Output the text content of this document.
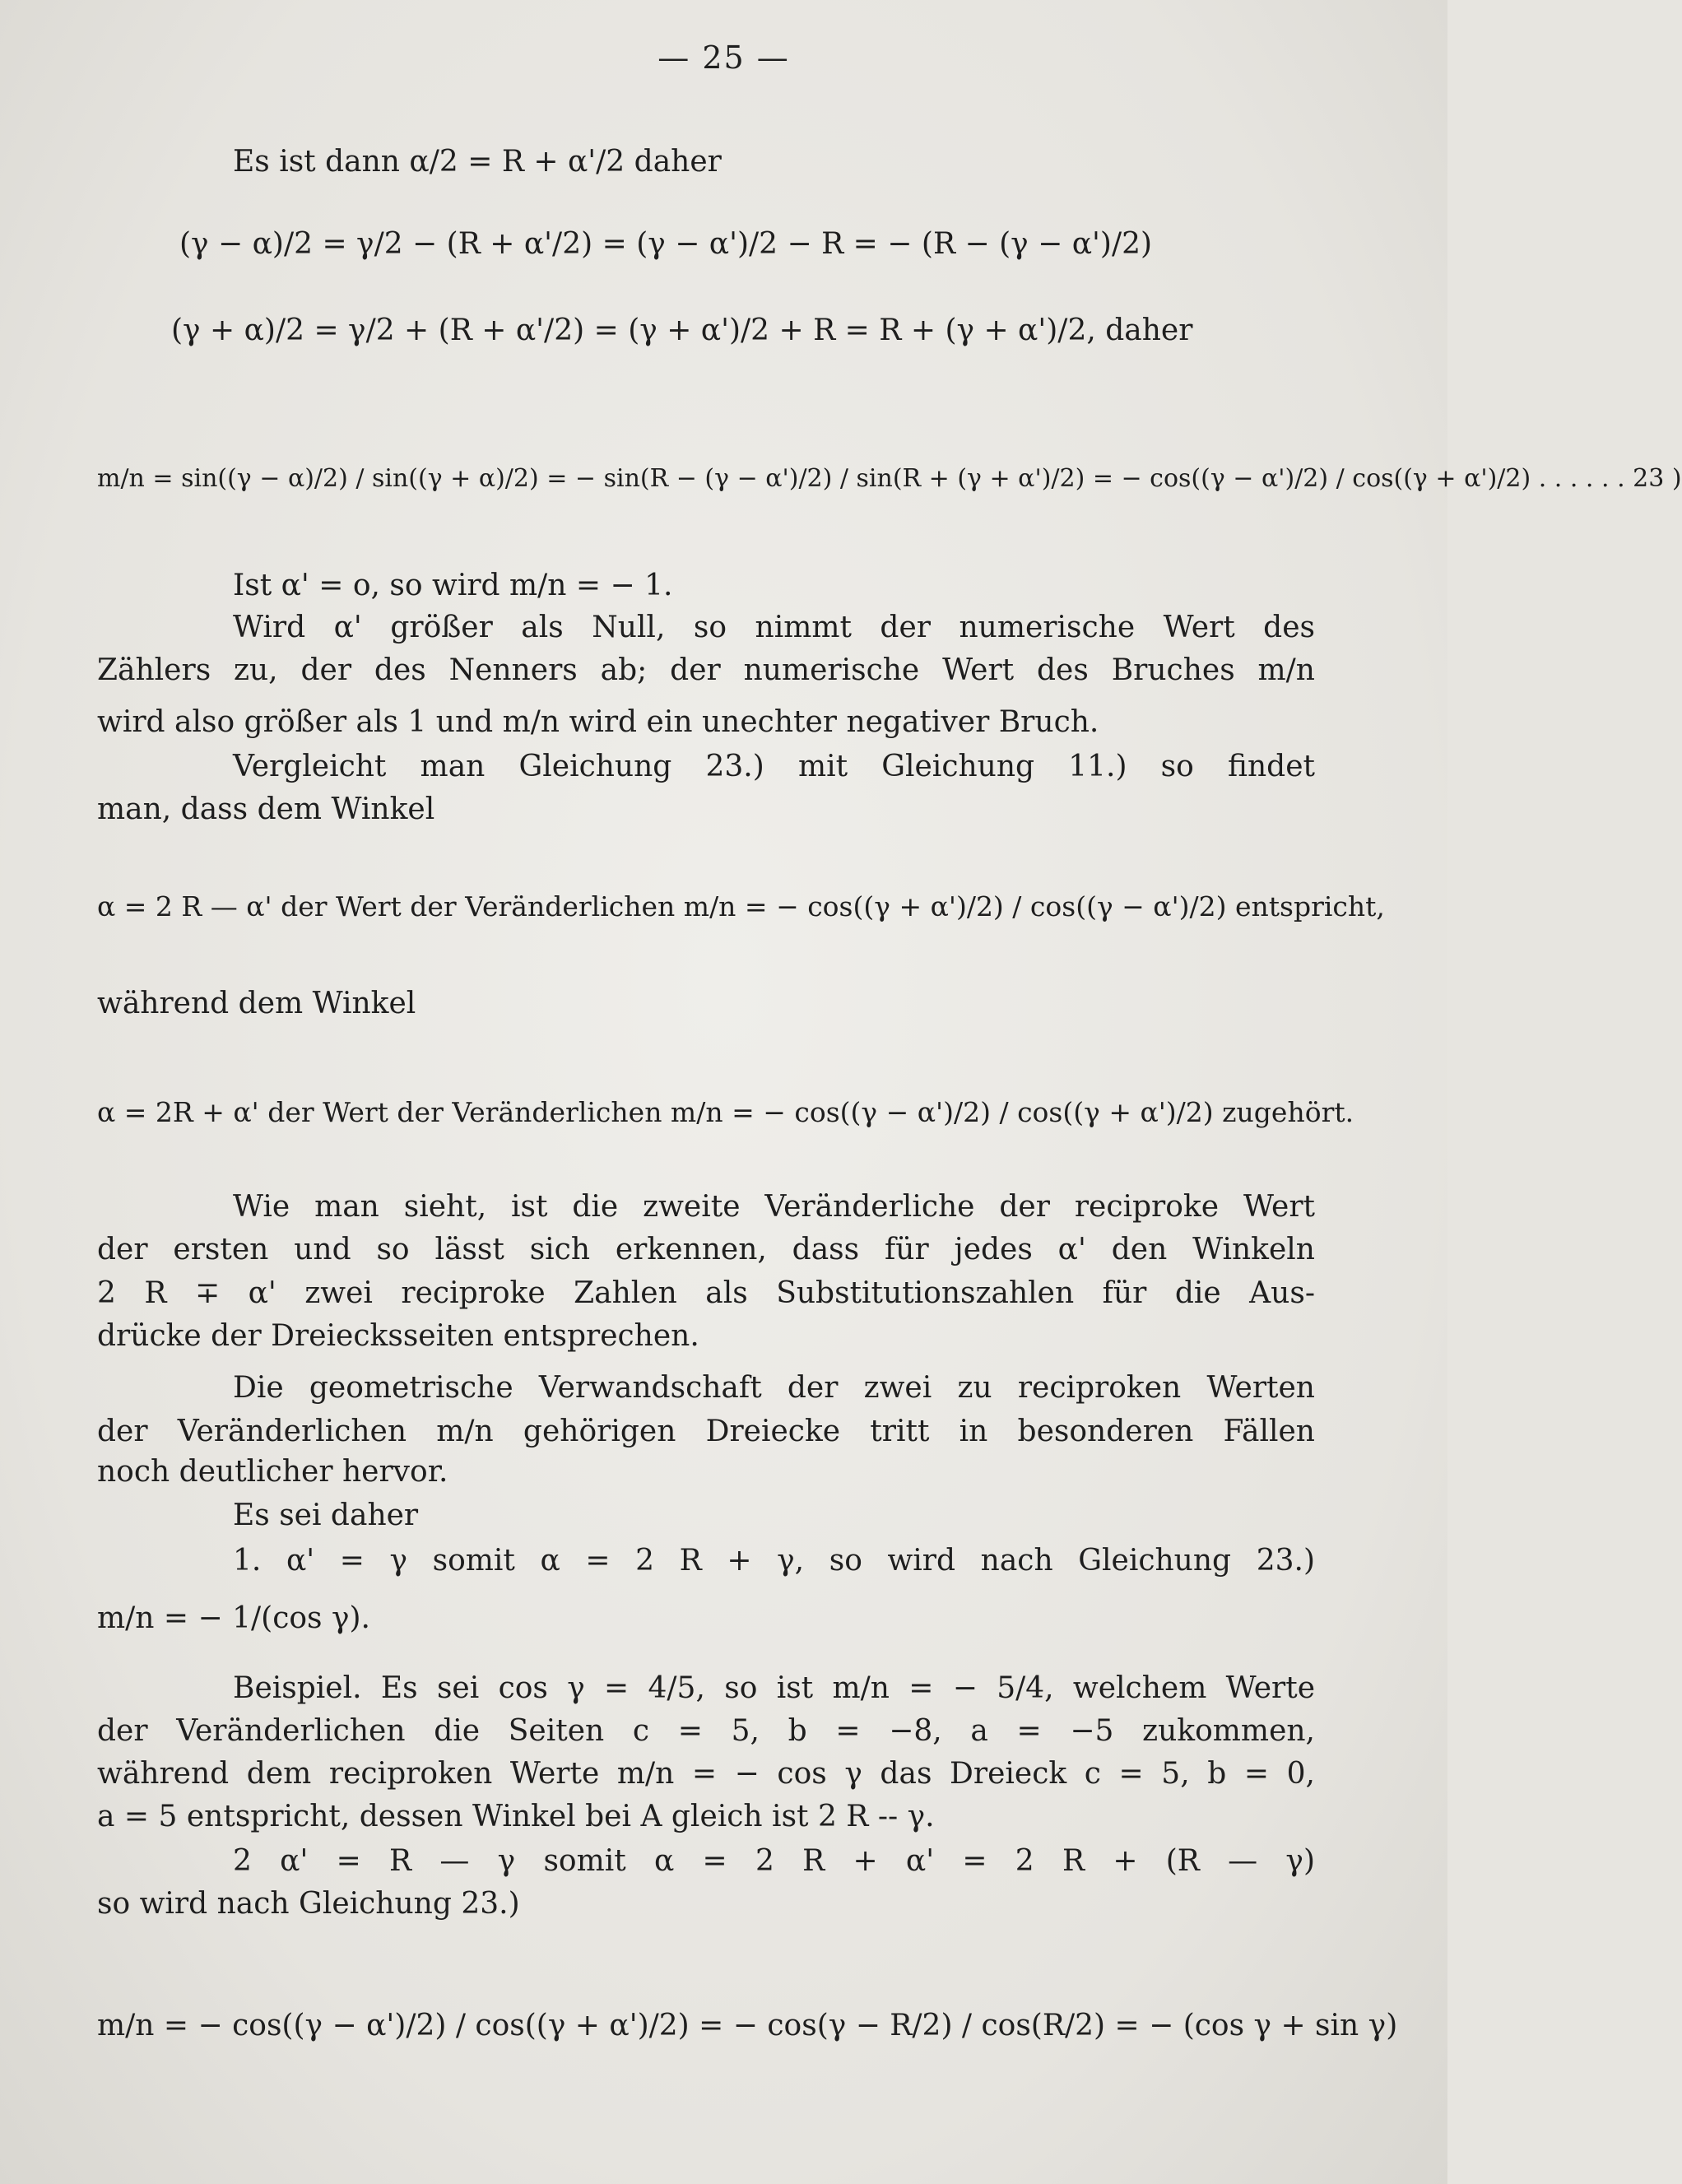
— 25 —
Es ist dann α/2 = R + α'/2 daher
(γ − α)/2 = γ/2 − (R + α'/2) = (γ − α')/2 − R = − (R − (γ − α')/2)
(γ + α)/2 = γ/2 + (R + α'/2) = (γ + α')/2 + R = R + (γ + α')/2, daher
m/n = sin((γ − α)/2) / sin((γ + α)/2) = − sin(R − (γ − α')/2) / sin(R + (γ + α')/2) = − cos((γ − α')/2) / cos((γ + α')/2) . . . . . . 23 )
Ist α' = o, so wird m/n = − 1.
Wird α' größer als Null, so nimmt der numerische Wert des
Zählers zu, der des Nenners ab; der numerische Wert des Bruches m/n
wird also größer als 1 und m/n wird ein unechter negativer Bruch.
Vergleicht man Gleichung 23.) mit Gleichung 11.) so findet
man, dass dem Winkel
α = 2 R — α' der Wert der Veränderlichen m/n = − cos((γ + α')/2) / cos((γ − α')/2) entspricht,
während dem Winkel
α = 2R + α' der Wert der Veränderlichen m/n = − cos((γ − α')/2) / cos((γ + α')/2) zugehört.
Wie man sieht, ist die zweite Veränderliche der reciproke Wert
der ersten und so lässt sich erkennen, dass für jedes α' den Winkeln
2 R ∓ α' zwei reciproke Zahlen als Substitutionszahlen für die Aus-
drücke der Dreiecksseiten entsprechen.
Die geometrische Verwandschaft der zwei zu reciproken Werten
der Veränderlichen m/n gehörigen Dreiecke tritt in besonderen Fällen
noch deutlicher hervor.
Es sei daher
1. α' = γ somit α = 2 R + γ, so wird nach Gleichung 23.)
m/n = − 1/(cos γ).
Beispiel. Es sei cos γ = 4/5, so ist m/n = − 5/4, welchem Werte
der Veränderlichen die Seiten c = 5, b = −8, a = −5 zukommen,
während dem reciproken Werte m/n = − cos γ das Dreieck c = 5, b = 0,
a = 5 entspricht, dessen Winkel bei A gleich ist 2 R -- γ.
2 α' = R — γ somit α = 2 R + α' = 2 R + (R — γ)
so wird nach Gleichung 23.)
m/n = − cos((γ − α')/2) / cos((γ + α')/2) = − cos(γ − R/2) / cos(R/2) = − (cos γ + sin γ)
